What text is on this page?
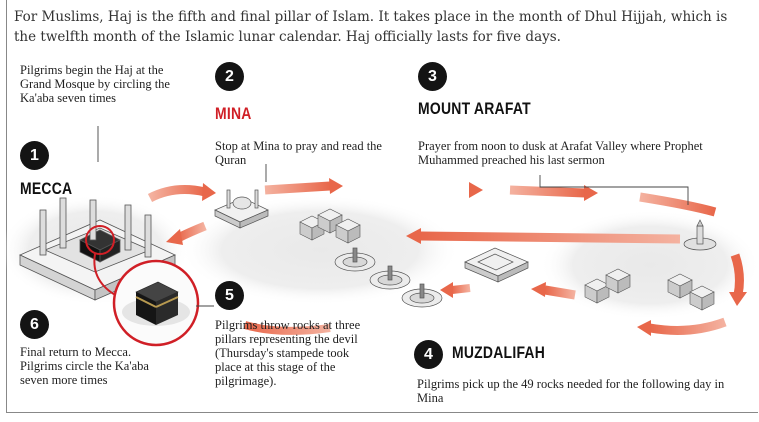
For Muslims, Haj is the fifth and final pillar of Islam. It takes place in the month of Dhul Hijjah, which is the twelfth month of the Islamic lunar calendar. Haj officially lasts for five days.
Pilgrims begin the Haj at the Grand Mosque by circling the Ka'aba seven times
1
MECCA
2
MINA
Stop at Mina to pray and read the Quran
3
MOUNT ARAFAT
Prayer from noon to dusk at Arafat Valley where Prophet Muhammed preached his last sermon
4	MUZDALIFAH
Pilgrims pick up the 49 rocks needed for the following day in Mina
5
Pilgrims throw rocks at three pillars representing the devil (Thursday's stampede took place at this stage of the pilgrimage).
6
Final return to Mecca. Pilgrims circle the Ka'aba seven more times
